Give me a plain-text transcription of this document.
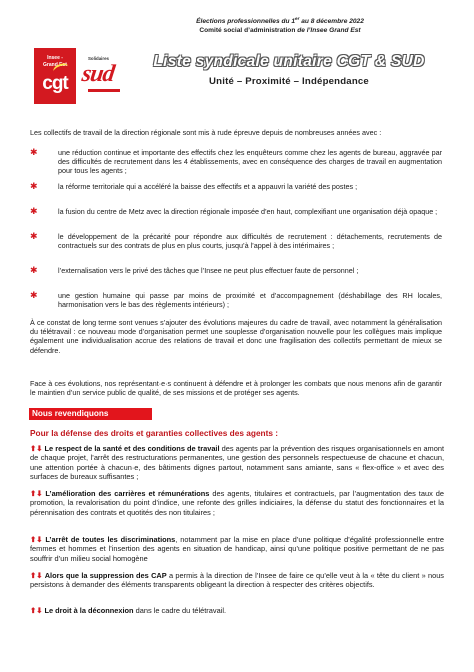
Élections professionnelles du 1er au 8 décembre 2022
Comité social d’administration de l’Insee Grand Est
Insee -
Grand Est
cgt
Solidaires
sud	Liste syndicale unitaire CGT & SUD
Unité – Proximité – Indépendance
Les collectifs de travail de la direction régionale sont mis à rude épreuve depuis de nombreuses années avec :
✱	une réduction continue et importante des effectifs chez les enquêteurs comme chez les agents de bureau, aggravée par des difficultés de recrutement dans les 4 établissements, avec en conséquence des charges de travail en augmentation pour tous les agents ;
✱	la réforme territoriale qui a accéléré la baisse des effectifs et a appauvri la variété des postes ;
✱	la fusion du centre de Metz avec la direction régionale imposée d’en haut, complexifiant une organisation déjà opaque ;
✱	le développement de la précarité pour répondre aux difficultés de recrutement : détachements, recrutements de contractuels sur des contrats de plus en plus courts, jusqu’à l’appel à des intérimaires ;
✱	l’externalisation vers le privé des tâches que l’Insee ne peut plus effectuer faute de personnel ;
✱	une gestion humaine qui passe par moins de proximité et d’accompagnement (déshabillage des RH locales, harmonisation vers le bas des règlements intérieurs) ;
À ce constat de long terme sont venues s’ajouter des évolutions majeures du cadre de travail, avec notamment la généralisation du télétravail : ce nouveau mode d’organisation permet une souplesse d’organisation nouvelle pour les collègues mais implique également une individualisation accrue des relations de travail et donc une fragilisation des collectifs permettant de mieux se défendre.
Face à ces évolutions, nos représentant·e·s continuent à défendre et à prolonger les combats que nous menons afin de garantir le maintien d’un service public de qualité, de ses missions et de protéger ses agents.
Nous revendiquons
Pour la défense des droits et garanties collectives des agents :
⬆⬇ Le respect de la santé et des conditions de travail des agents par la prévention des risques organisationnels en amont de chaque projet, l’arrêt des restructurations permanentes, une gestion des personnels respectueuse de chacune et chacun, une attention portée à chacun·e, des bâtiments dignes partout, notamment sans amiante, sans « flex-office » et avec des surfaces de bureaux suffisantes ;
⬆⬇ L’amélioration des carrières et rémunérations des agents, titulaires et contractuels, par l’augmentation des taux de promotion, la revalorisation du point d’indice, une refonte des grilles indiciaires, la défense du statut des fonctionnaires et la pérennisation des contrats et quotités des non titulaires ;
⬆⬇ L’arrêt de toutes les discriminations, notamment par la mise en place d’une politique d’égalité professionnelle entre femmes et hommes et l’insertion des agents en situation de handicap, ainsi qu’une politique positive permettant de ne pas souffrir d’un milieu social homogène
⬆⬇ Alors que la suppression des CAP a permis à la direction de l’Insee de faire ce qu’elle veut à la « tête du client » nous persistons à demander des éléments transparents obligeant la direction à respecter des critères objectifs.
⬆⬇ Le droit à la déconnexion dans le cadre du télétravail.
